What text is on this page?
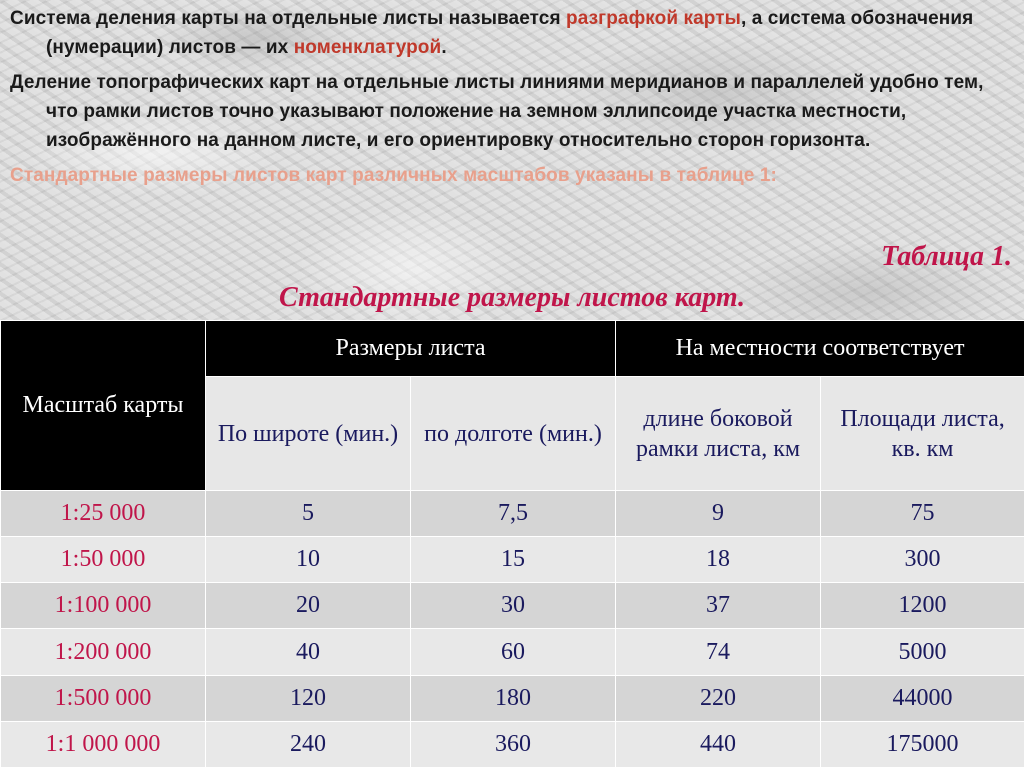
Система деления карты на отдельные листы называется разграфкой карты, а система обозначения (нумерации) листов — их номенклатурой.

Деление топографических карт на отдельные листы линиями меридианов и параллелей удобно тем, что рамки листов точно указывают положение на земном эллипсоиде участка местности, изображённого на данном листе, и его ориентировку относительно сторон горизонта.

Стандартные размеры листов карт различных масштабов указаны в таблице 1:

Таблица 1.
Стандартные размеры листов карт.
Масштаб карты	Размеры листа		На местности соответствует	
	По широте (мин.)	по долготе (мин.)	длине боковой рамки листа, км	Площади листа, кв. км
1:25 000	5	7,5	9	75
1:50 000	10	15	18	300
1:100 000	20	30	37	1200
1:200 000	40	60	74	5000
1:500 000	120	180	220	44000
1:1 000 000	240	360	440	175000
